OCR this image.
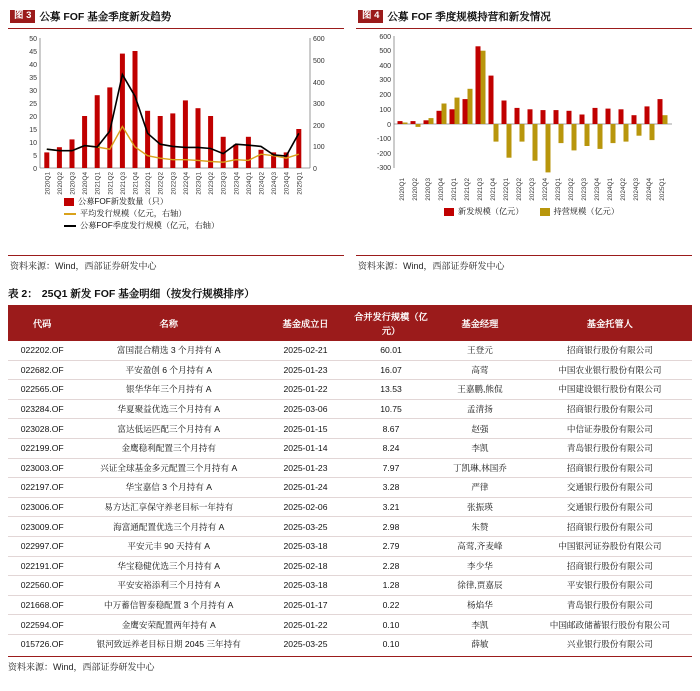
图 3 公募 FOF 基金季度新发趋势
0
5
10
15
20
25
30
35
40
45
50
0
100
200
300
400
500
600
2020Q1 2020Q2 2020Q3 2020Q4 2021Q1 2021Q2 2021Q3 2021Q4 2022Q1 2022Q2 2022Q3 2022Q4 2023Q1 2023Q2 2023Q3 2023Q4 2024Q1 2024Q2 2024Q3 2024Q4 2025Q1
公募FOF新发数量（只）
平均发行规模（亿元，右轴）
公募FOF季度发行规模（亿元，右轴）
资料来源：Wind，西部证券研发中心
图 4 公募 FOF 季度规模持营和新发情况
600
500
400
300
200
100
0
-100
-200
-300
2020Q1 2020Q2 2020Q3 2020Q4 2021Q1 2021Q2 2021Q3 2021Q4 2022Q1 2022Q2 2022Q3 2022Q4 2023Q1 2023Q2 2023Q3 2023Q4 2024Q1 2024Q2 2024Q3 2024Q4 2025Q1
新发规模（亿元）	持营规模（亿元）
资料来源：Wind，西部证券研发中心
表 2： 25Q1 新发 FOF 基金明细（按发行规模排序）
代码	名称	基金成立日	合并发行规模（亿元）	基金经理	基金托管人
022202.OF	富国混合精选 3 个月持有 A	2025-02-21	60.01	王登元	招商银行股份有限公司
022682.OF	平安盈创 6 个月持有 A	2025-01-23	16.07	高莺	中国农业银行股份有限公司
022565.OF	银华华年三个月持有 A	2025-01-22	13.53	王嘉鹏,熊侃	中国建设银行股份有限公司
023284.OF	华夏聚益优选三个月持有 A	2025-03-06	10.75	孟清扬	招商银行股份有限公司
023028.OF	富达低运匹配三个月持有 A	2025-01-15	8.67	赵强	中信证券股份有限公司
022199.OF	金鹰稳利配置三个月持有	2025-01-14	8.24	李凯	青岛银行股份有限公司
023003.OF	兴证全球基金多元配置三个月持有 A	2025-01-23	7.97	丁凯琳,林国乔	招商银行股份有限公司
022197.OF	华宝嘉信 3 个月持有 A	2025-01-24	3.28	严律	交通银行股份有限公司
023006.OF	易方达汇享保守养老目标一年持有	2025-02-06	3.21	张振瑛	交通银行股份有限公司
023009.OF	海富通配置优选三个月持有 A	2025-03-25	2.98	朱赞	招商银行股份有限公司
022997.OF	平安元丰 90 天持有 A	2025-03-18	2.79	高莺,齐麦峰	中国银河证券股份有限公司
022191.OF	华宝稳健优选三个月持有 A	2025-02-18	2.28	李少华	招商银行股份有限公司
022560.OF	平安安裕添利三个月持有 A	2025-03-18	1.28	徐律,贾嘉辰	平安银行股份有限公司
021668.OF	中万蓄信智泰稳配置 3 个月持有 A	2025-01-17	0.22	杨焰华	青岛银行股份有限公司
022594.OF	金鹰安荣配置两年持有 A	2025-01-22	0.10	李凯	中国邮政储蓄银行股份有限公司
015726.OF	银河致远养老目标日期 2045 三年持有	2025-03-25	0.10	薛敏	兴业银行股份有限公司
资料来源：Wind，西部证券研发中心
